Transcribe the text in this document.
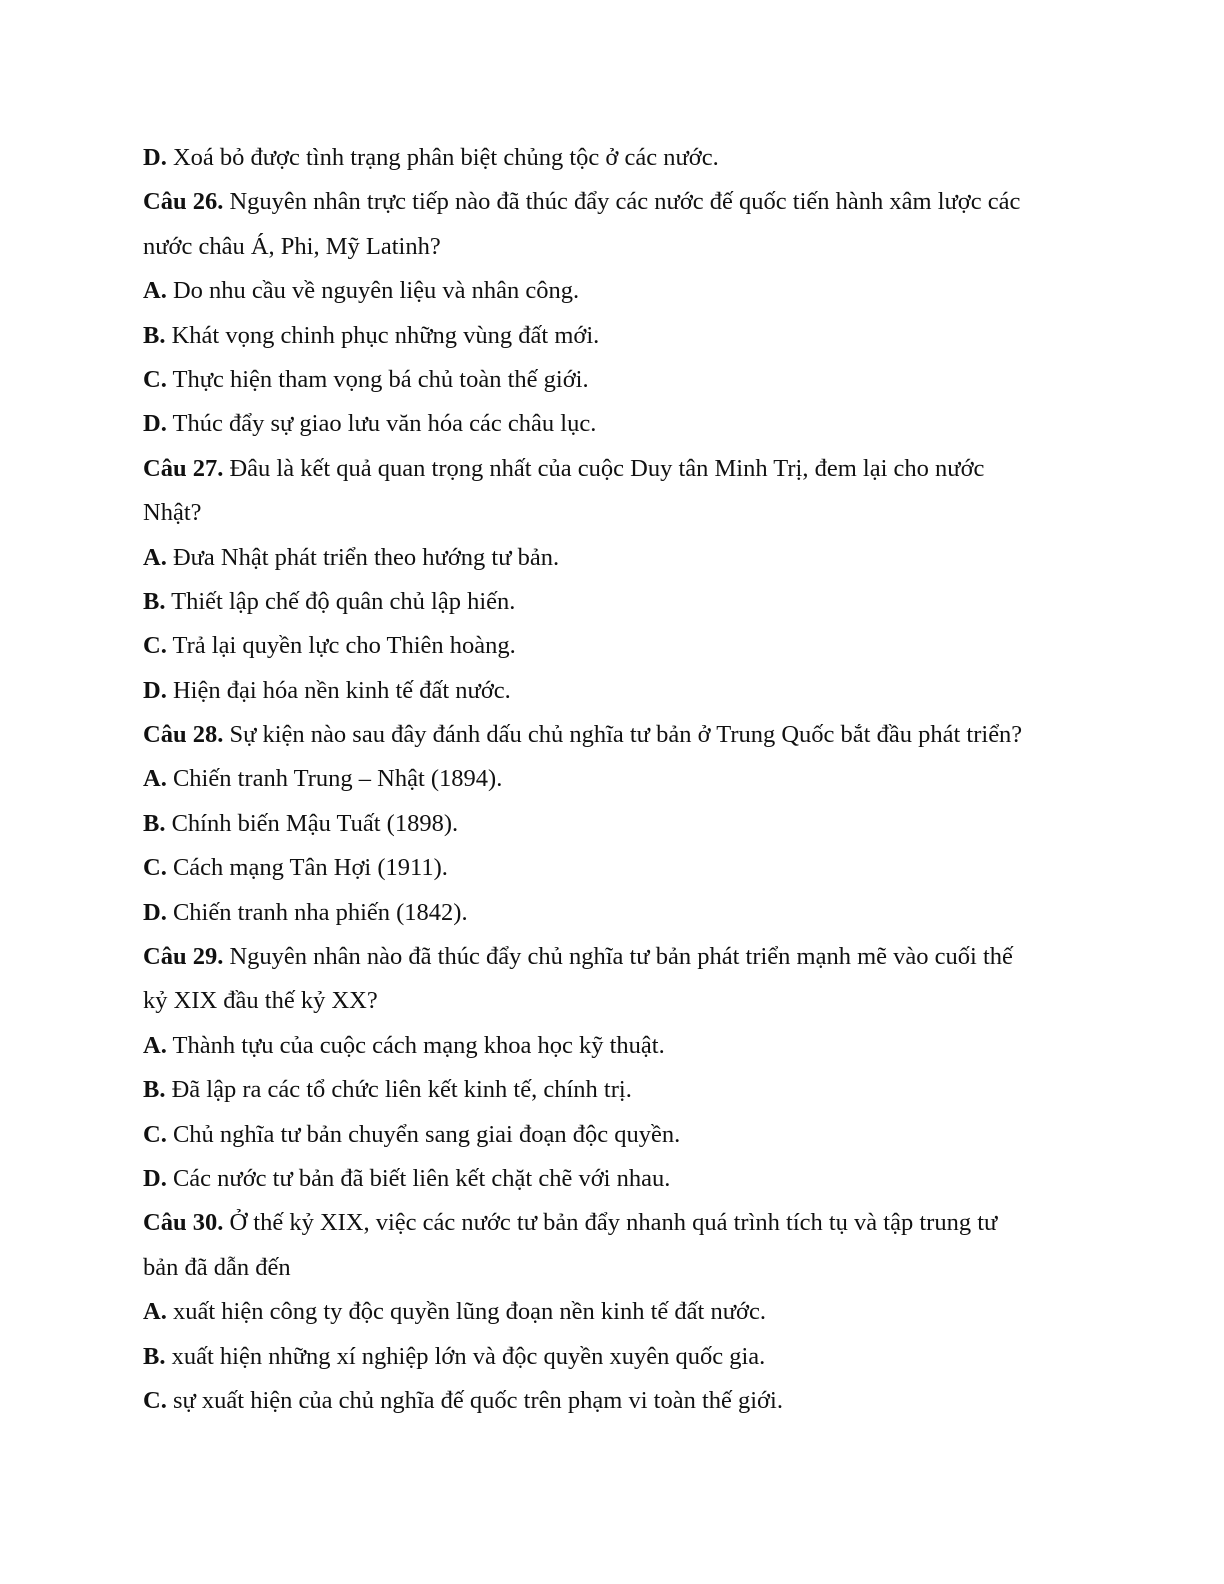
D. Xoá bỏ được tình trạng phân biệt chủng tộc ở các nước.
Câu 26. Nguyên nhân trực tiếp nào đã thúc đẩy các nước đế quốc tiến hành xâm lược các
nước châu Á, Phi, Mỹ Latinh?
A. Do nhu cầu về nguyên liệu và nhân công.
B. Khát vọng chinh phục những vùng đất mới.
C. Thực hiện tham vọng bá chủ toàn thế giới.
D. Thúc đẩy sự giao lưu văn hóa các châu lục.
Câu 27. Đâu là kết quả quan trọng nhất của cuộc Duy tân Minh Trị, đem lại cho nước
Nhật?
A. Đưa Nhật phát triển theo hướng tư bản.
B. Thiết lập chế độ quân chủ lập hiến.
C. Trả lại quyền lực cho Thiên hoàng.
D. Hiện đại hóa nền kinh tế đất nước.
Câu 28. Sự kiện nào sau đây đánh dấu chủ nghĩa tư bản ở Trung Quốc bắt đầu phát triển?
A. Chiến tranh Trung – Nhật (1894).
B. Chính biến Mậu Tuất (1898).
C. Cách mạng Tân Hợi (1911).
D. Chiến tranh nha phiến (1842).
Câu 29. Nguyên nhân nào đã thúc đẩy chủ nghĩa tư bản phát triển mạnh mẽ vào cuối thế
kỷ XIX đầu thế kỷ XX?
A. Thành tựu của cuộc cách mạng khoa học kỹ thuật.
B. Đã lập ra các tổ chức liên kết kinh tế, chính trị.
C. Chủ nghĩa tư bản chuyển sang giai đoạn độc quyền.
D. Các nước tư bản đã biết liên kết chặt chẽ với nhau.
Câu 30. Ở thế kỷ XIX, việc các nước tư bản đẩy nhanh quá trình tích tụ và tập trung tư
bản đã dẫn đến
A. xuất hiện công ty độc quyền lũng đoạn nền kinh tế đất nước.
B. xuất hiện những xí nghiệp lớn và độc quyền xuyên quốc gia.
C. sự xuất hiện của chủ nghĩa đế quốc trên phạm vi toàn thế giới.
